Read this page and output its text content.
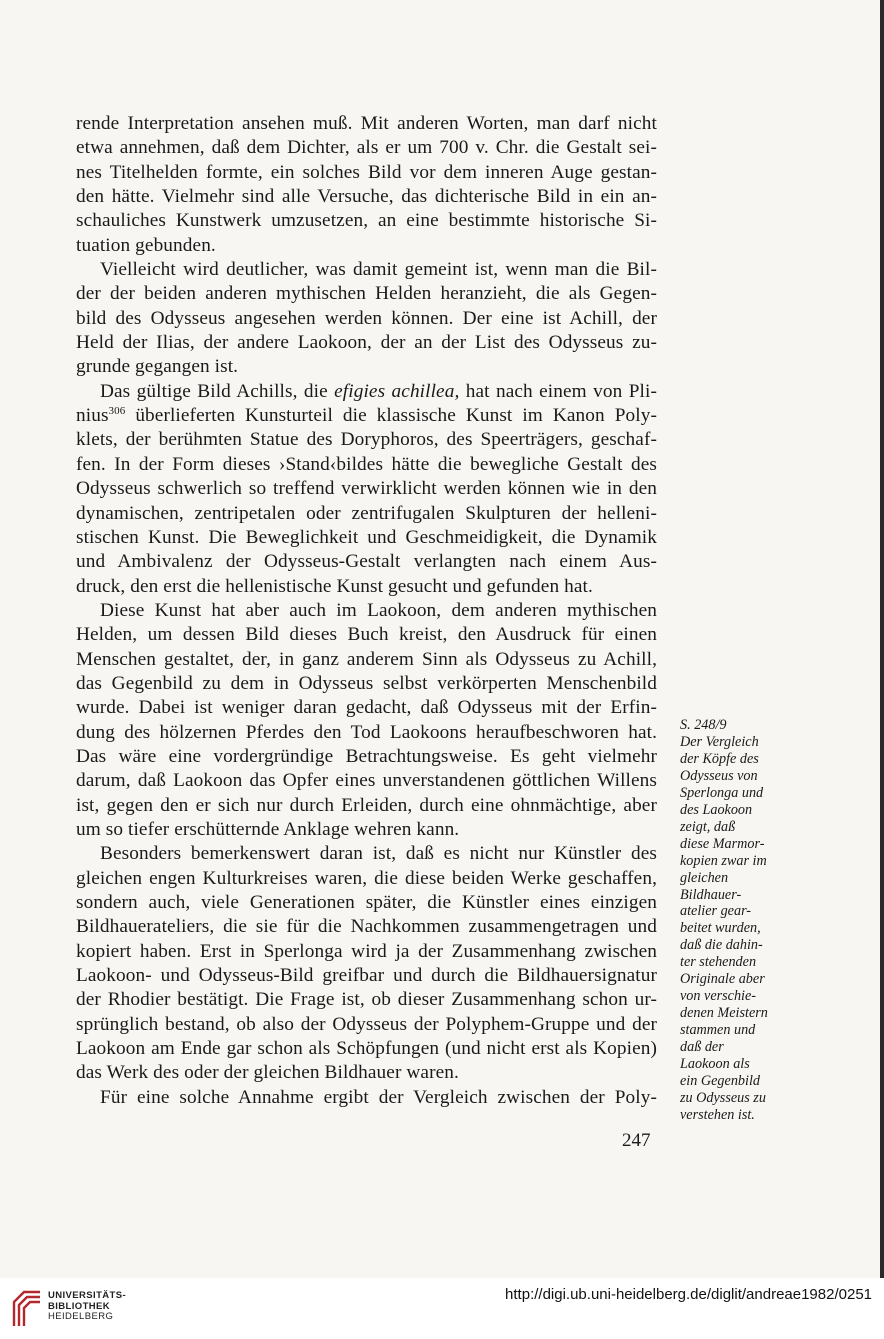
rende Interpretation ansehen muß. Mit anderen Worten, man darf nicht
etwa annehmen, daß dem Dichter, als er um 700 v. Chr. die Gestalt sei-
nes Titelhelden formte, ein solches Bild vor dem inneren Auge gestan-
den hätte. Vielmehr sind alle Versuche, das dichterische Bild in ein an-
schauliches Kunstwerk umzusetzen, an eine bestimmte historische Si-
tuation gebunden.

Vielleicht wird deutlicher, was damit gemeint ist, wenn man die Bil-
der der beiden anderen mythischen Helden heranzieht, die als Gegen-
bild des Odysseus angesehen werden können. Der eine ist Achill, der
Held der Ilias, der andere Laokoon, der an der List des Odysseus zu-
grunde gegangen ist.

Das gültige Bild Achills, die efigies achillea, hat nach einem von Pli-
nius$^{306}$ überlieferten Kunsturteil die klassische Kunst im Kanon Poly-
klets, der berühmten Statue des Doryphoros, des Speerträgers, geschaf-
fen. In der Form dieses ›Stand‹bildes hätte die bewegliche Gestalt des
Odysseus schwerlich so treffend verwirklicht werden können wie in den
dynamischen, zentripetalen oder zentrifugalen Skulpturen der helleni-
stischen Kunst. Die Beweglichkeit und Geschmeidigkeit, die Dynamik
und Ambivalenz der Odysseus-Gestalt verlangten nach einem Aus-
druck, den erst die hellenistische Kunst gesucht und gefunden hat.

Diese Kunst hat aber auch im Laokoon, dem anderen mythischen
Helden, um dessen Bild dieses Buch kreist, den Ausdruck für einen
Menschen gestaltet, der, in ganz anderem Sinn als Odysseus zu Achill,
das Gegenbild zu dem in Odysseus selbst verkörperten Menschenbild
wurde. Dabei ist weniger daran gedacht, daß Odysseus mit der Erfin-
dung des hölzernen Pferdes den Tod Laokoons heraufbeschworen hat.
Das wäre eine vordergründige Betrachtungsweise. Es geht vielmehr
darum, daß Laokoon das Opfer eines unverstandenen göttlichen Willens
ist, gegen den er sich nur durch Erleiden, durch eine ohnmächtige, aber
um so tiefer erschütternde Anklage wehren kann.

Besonders bemerkenswert daran ist, daß es nicht nur Künstler des
gleichen engen Kulturkreises waren, die diese beiden Werke geschaffen,
sondern auch, viele Generationen später, die Künstler eines einzigen
Bildhauerateliers, die sie für die Nachkommen zusammengetragen und
kopiert haben. Erst in Sperlonga wird ja der Zusammenhang zwischen
Laokoon- und Odysseus-Bild greifbar und durch die Bildhauersignatur
der Rhodier bestätigt. Die Frage ist, ob dieser Zusammenhang schon ur-
sprünglich bestand, ob also der Odysseus der Polyphem-Gruppe und der
Laokoon am Ende gar schon als Schöpfungen (und nicht erst als Kopien)
das Werk des oder der gleichen Bildhauer waren.

Für eine solche Annahme ergibt der Vergleich zwischen der Poly-

S. 248/9
Der Vergleich
der Köpfe des
Odysseus von
Sperlonga und
des Laokoon
zeigt, daß
diese Marmor-
kopien zwar im
gleichen
Bildhauer-
atelier gear-
beitet wurden,
daß die dahin-
ter stehenden
Originale aber
von verschie-
denen Meistern
stammen und
daß der
Laokoon als
ein Gegenbild
zu Odysseus zu
verstehen ist.
247
UNIVERSITÄTS-
BIBLIOTHEK
HEIDELBERG
http://digi.ub.uni-heidelberg.de/diglit/andreae1982/0251
